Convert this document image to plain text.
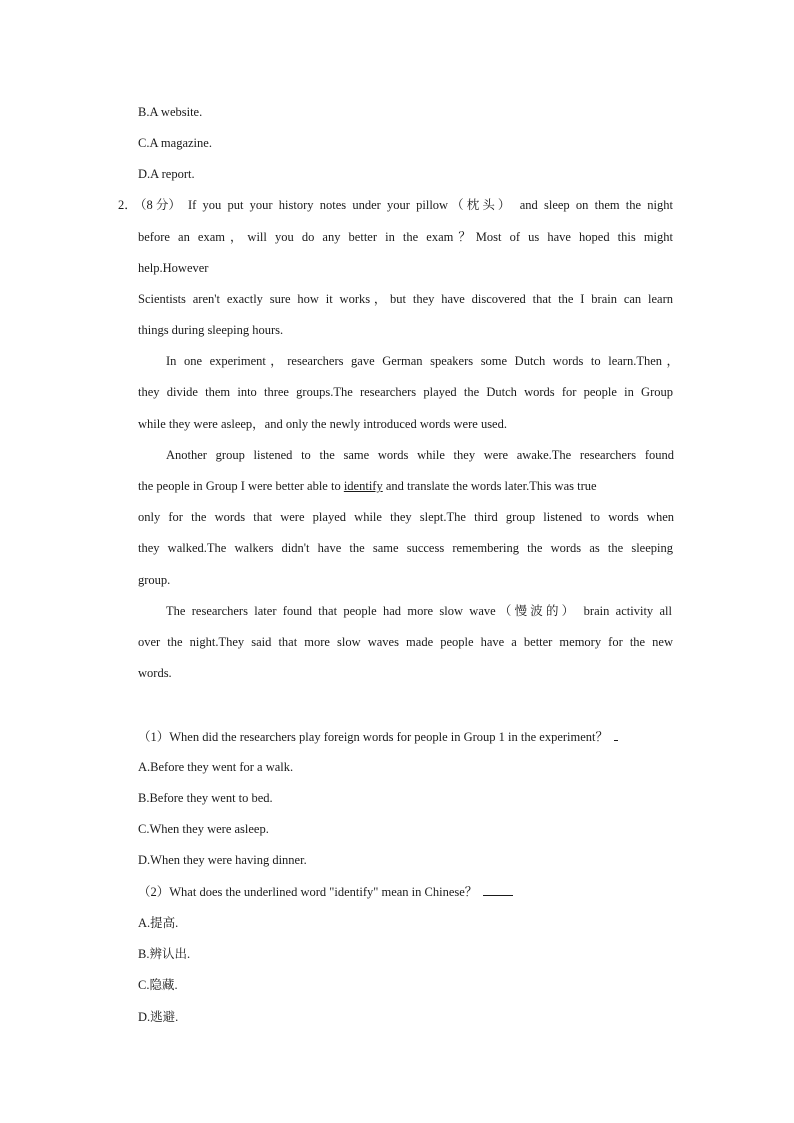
B.A website.
C.A magazine.
D.A report.
2．
（8 分） If you put your history notes under your pillow（枕头） and sleep on them the night
before an exam，will you do any better in the exam？Most of us have hoped this might
help.However
Scientists aren't exactly sure how it works，but they have discovered that the I brain can learn
things during sleeping hours.
In one experiment，researchers gave German speakers some Dutch words to learn.Then，
they divide them into three groups.The researchers played the Dutch words for people in Group
while they were asleep，and only the newly introduced words were used.
Another group listened to the same words while they were awake.The researchers found
the people in Group I were better able to identify and translate the words later.This was true
only for the words that were played while they slept.The third group listened to words when
they walked.The walkers didn't have the same success remembering the words as the sleeping
group.
The researchers later found that people had more slow wave（慢波的） brain activity all
over the night.They said that more slow waves made people have a better memory for the new
words.
（1）When did the researchers play foreign words for people in Group 1 in the experiment？
A.Before they went for a walk.
B.Before they went to bed.
C.When they were asleep.
D.When they were having dinner.
（2）What does the underlined word "identify" mean in Chinese？
A.提高.
B.辨认出.
C.隐藏.
D.逃避.
